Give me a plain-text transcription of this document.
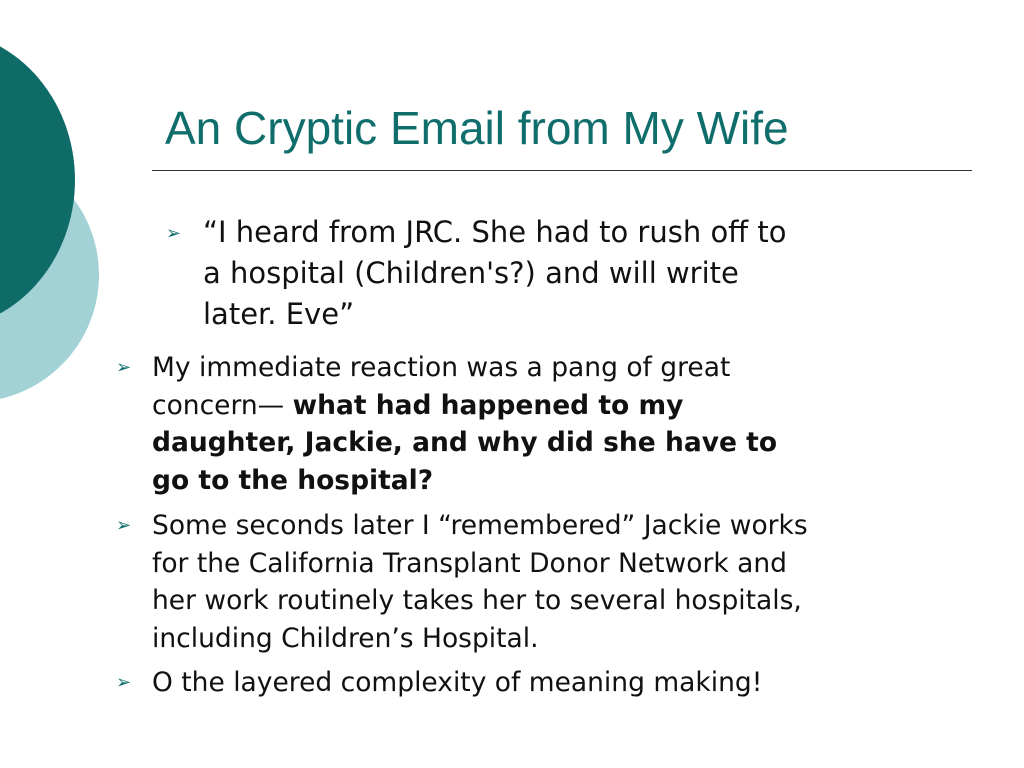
An Cryptic Email from My Wife
➢ “I heard from JRC. She had to rush off to
a hospital (Children's?) and will write
later. Eve”
➢ My immediate reaction was a pang of great
concern— what had happened to my
daughter, Jackie, and why did she have to
go to the hospital?
➢ Some seconds later I “remembered” Jackie works
for the California Transplant Donor Network and
her work routinely takes her to several hospitals,
including Children’s Hospital.
➢ O the layered complexity of meaning making!
